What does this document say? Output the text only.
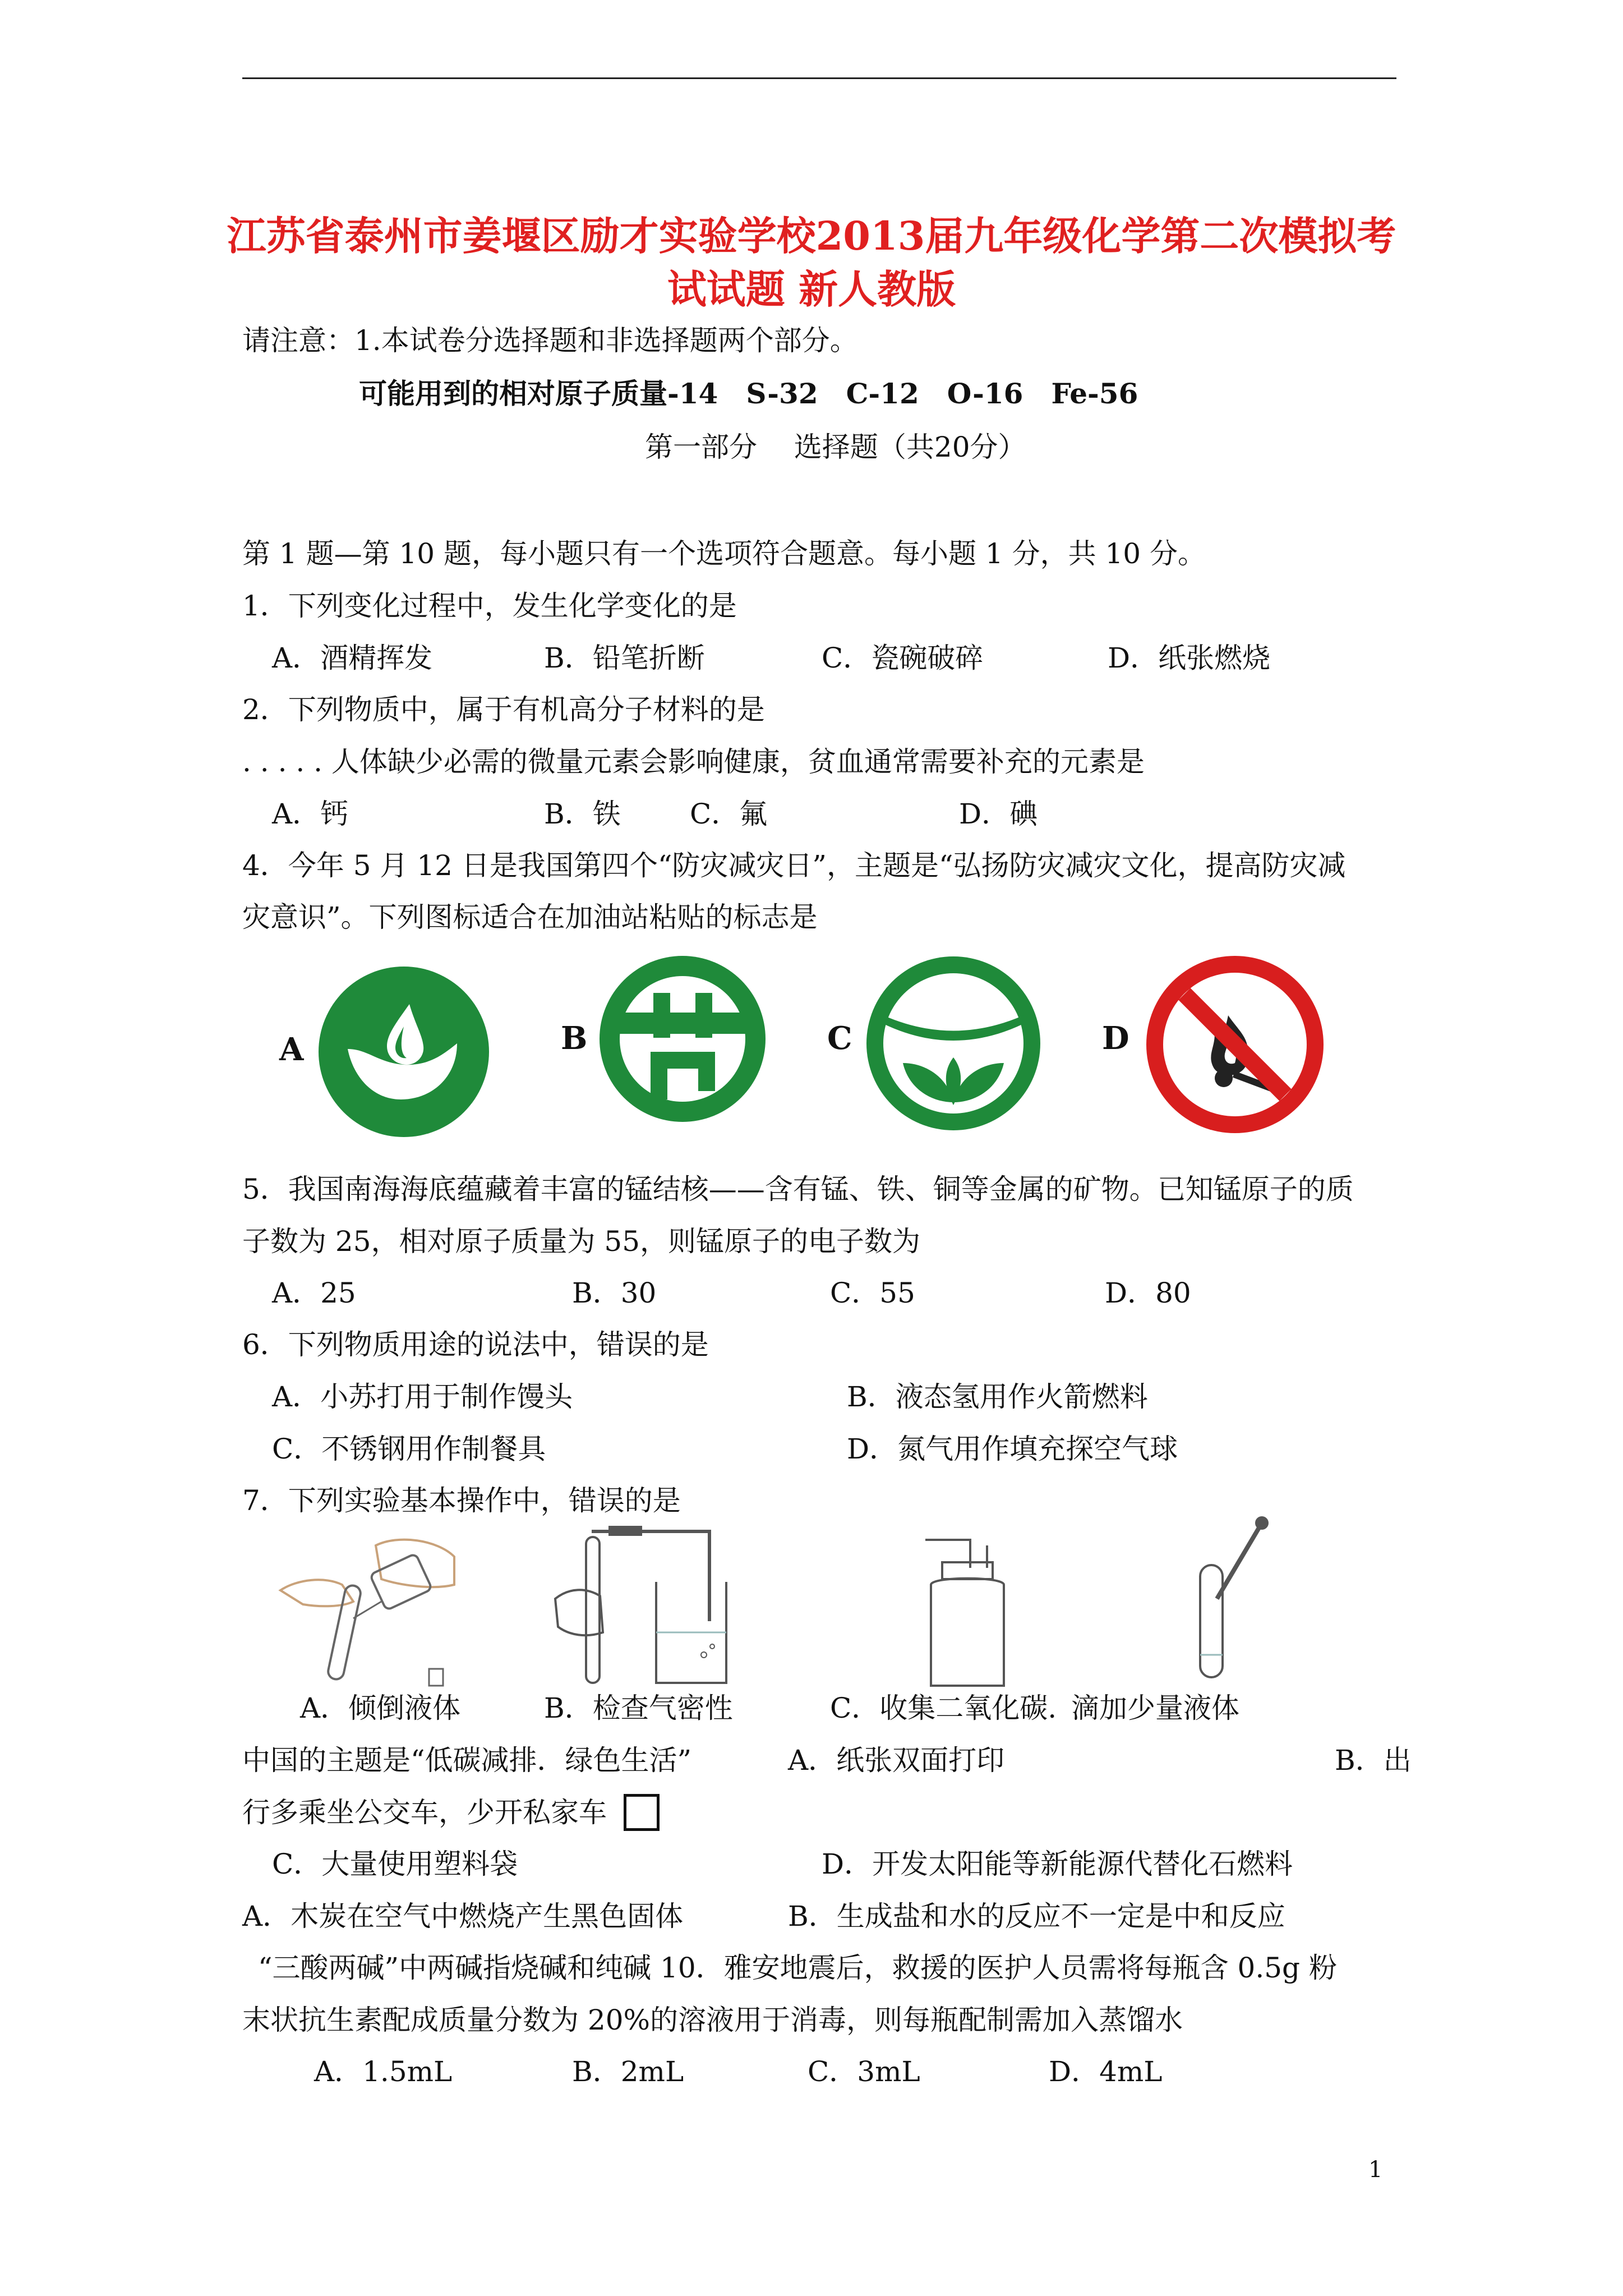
江苏省泰州市姜堰区励才实验学校2013届九年级化学第二次模拟考
试试题 新人教版
请注意：1.本试卷分选择题和非选择题两个部分。
可能用到的相对原子质量-14　S-32　C-12　O-16　Fe-56
第一部分　 选择题（共20分）
第 1 题—第 10 题，每小题只有一个选项符合题意。每小题 1 分，共 10 分。
1．下列变化过程中，发生化学变化的是
A．酒精挥发	B．铅笔折断	C．瓷碗破碎	D．纸张燃烧
2．下列物质中，属于有机高分子材料的是
. . . . . 人体缺少必需的微量元素会影响健康，贫血通常需要补充的元素是
A．钙	B．铁 C．氟	D．碘
4．今年 5 月 12 日是我国第四个“防灾减灾日”，主题是“弘扬防灾减灾文化，提高防灾减
灾意识”。下列图标适合在加油站粘贴的标志是
A	B	C	D
5．我国南海海底蕴藏着丰富的锰结核——含有锰、铁、铜等金属的矿物。已知锰原子的质
子数为 25，相对原子质量为 55，则锰原子的电子数为
A．25	B．30	C．55	D．80
6．下列物质用途的说法中，错误的是
A．小苏打用于制作馒头	B．液态氢用作火箭燃料
C．不锈钢用作制餐具	D．氮气用作填充探空气球
7．下列实验基本操作中，错误的是
A．倾倒液体	B．检查气密性	C．收集二氧化碳. 滴加少量液体
中国的主题是“低碳减排．绿色生活”	A．纸张双面打印	B．出
行多乘坐公交车，少开私家车
C．大量使用塑料袋	D．开发太阳能等新能源代替化石燃料
A．木炭在空气中燃烧产生黑色固体	B．生成盐和水的反应不一定是中和反应
“三酸两碱”中两碱指烧碱和纯碱 10．雅安地震后，救援的医护人员需将每瓶含 0.5g 粉
末状抗生素配成质量分数为 20%的溶液用于消毒，则每瓶配制需加入蒸馏水
A．1.5mL	B．2mL	C．3mL	D．4mL
1
